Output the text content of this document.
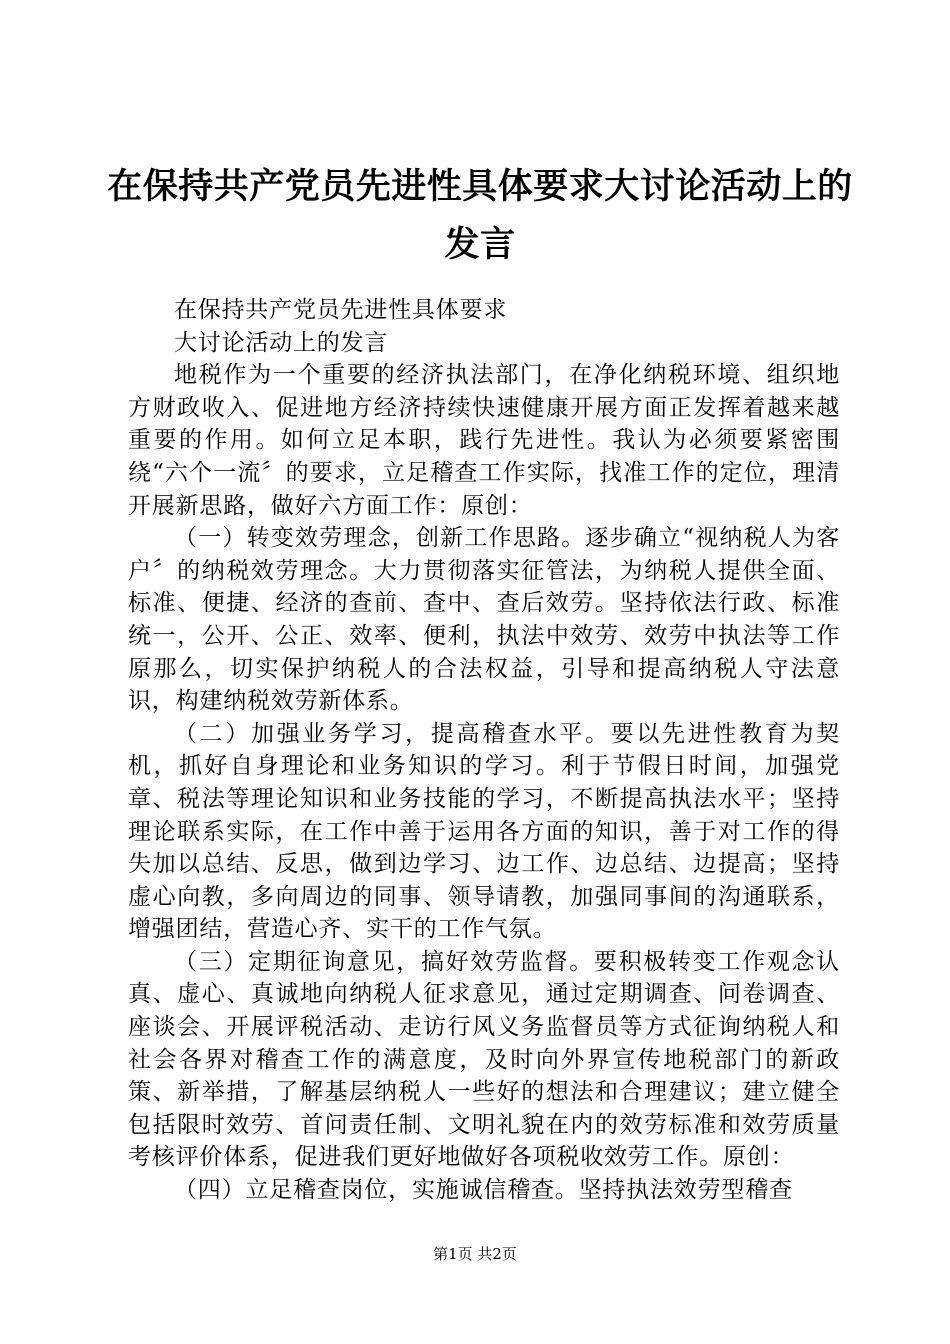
在保持共产党员先进性具体要求大讨论活动上的发言

在保持共产党员先进性具体要求

大讨论活动上的发言

地税作为一个重要的经济执法部门，在净化纳税环境、组织地方财政收入、促进地方经济持续快速健康开展方面正发挥着越来越重要的作用。如何立足本职，践行先进性。我认为必须要紧密围绕“六个一流〞的要求，立足稽查工作实际，找准工作的定位，理清开展新思路，做好六方面工作：原创：

（一）转变效劳理念，创新工作思路。逐步确立“视纳税人为客户〞的纳税效劳理念。大力贯彻落实征管法，为纳税人提供全面、标准、便捷、经济的查前、查中、查后效劳。坚持依法行政、标准统一，公开、公正、效率、便利，执法中效劳、效劳中执法等工作原那么，切实保护纳税人的合法权益，引导和提高纳税人守法意识，构建纳税效劳新体系。

（二）加强业务学习，提高稽查水平。要以先进性教育为契机，抓好自身理论和业务知识的学习。利于节假日时间，加强党章、税法等理论知识和业务技能的学习，不断提高执法水平；坚持理论联系实际，在工作中善于运用各方面的知识，善于对工作的得失加以总结、反思，做到边学习、边工作、边总结、边提高；坚持虚心向教，多向周边的同事、领导请教，加强同事间的沟通联系，增强团结，营造心齐、实干的工作气氛。

（三）定期征询意见，搞好效劳监督。要积极转变工作观念认真、虚心、真诚地向纳税人征求意见，通过定期调查、问卷调查、座谈会、开展评税活动、走访行风义务监督员等方式征询纳税人和社会各界对稽查工作的满意度，及时向外界宣传地税部门的新政策、新举措，了解基层纳税人一些好的想法和合理建议；建立健全包括限时效劳、首问责任制、文明礼貌在内的效劳标准和效劳质量考核评价体系，促进我们更好地做好各项税收效劳工作。原创：

（四）立足稽查岗位，实施诚信稽查。坚持执法效劳型稽查

第1页 共2页
